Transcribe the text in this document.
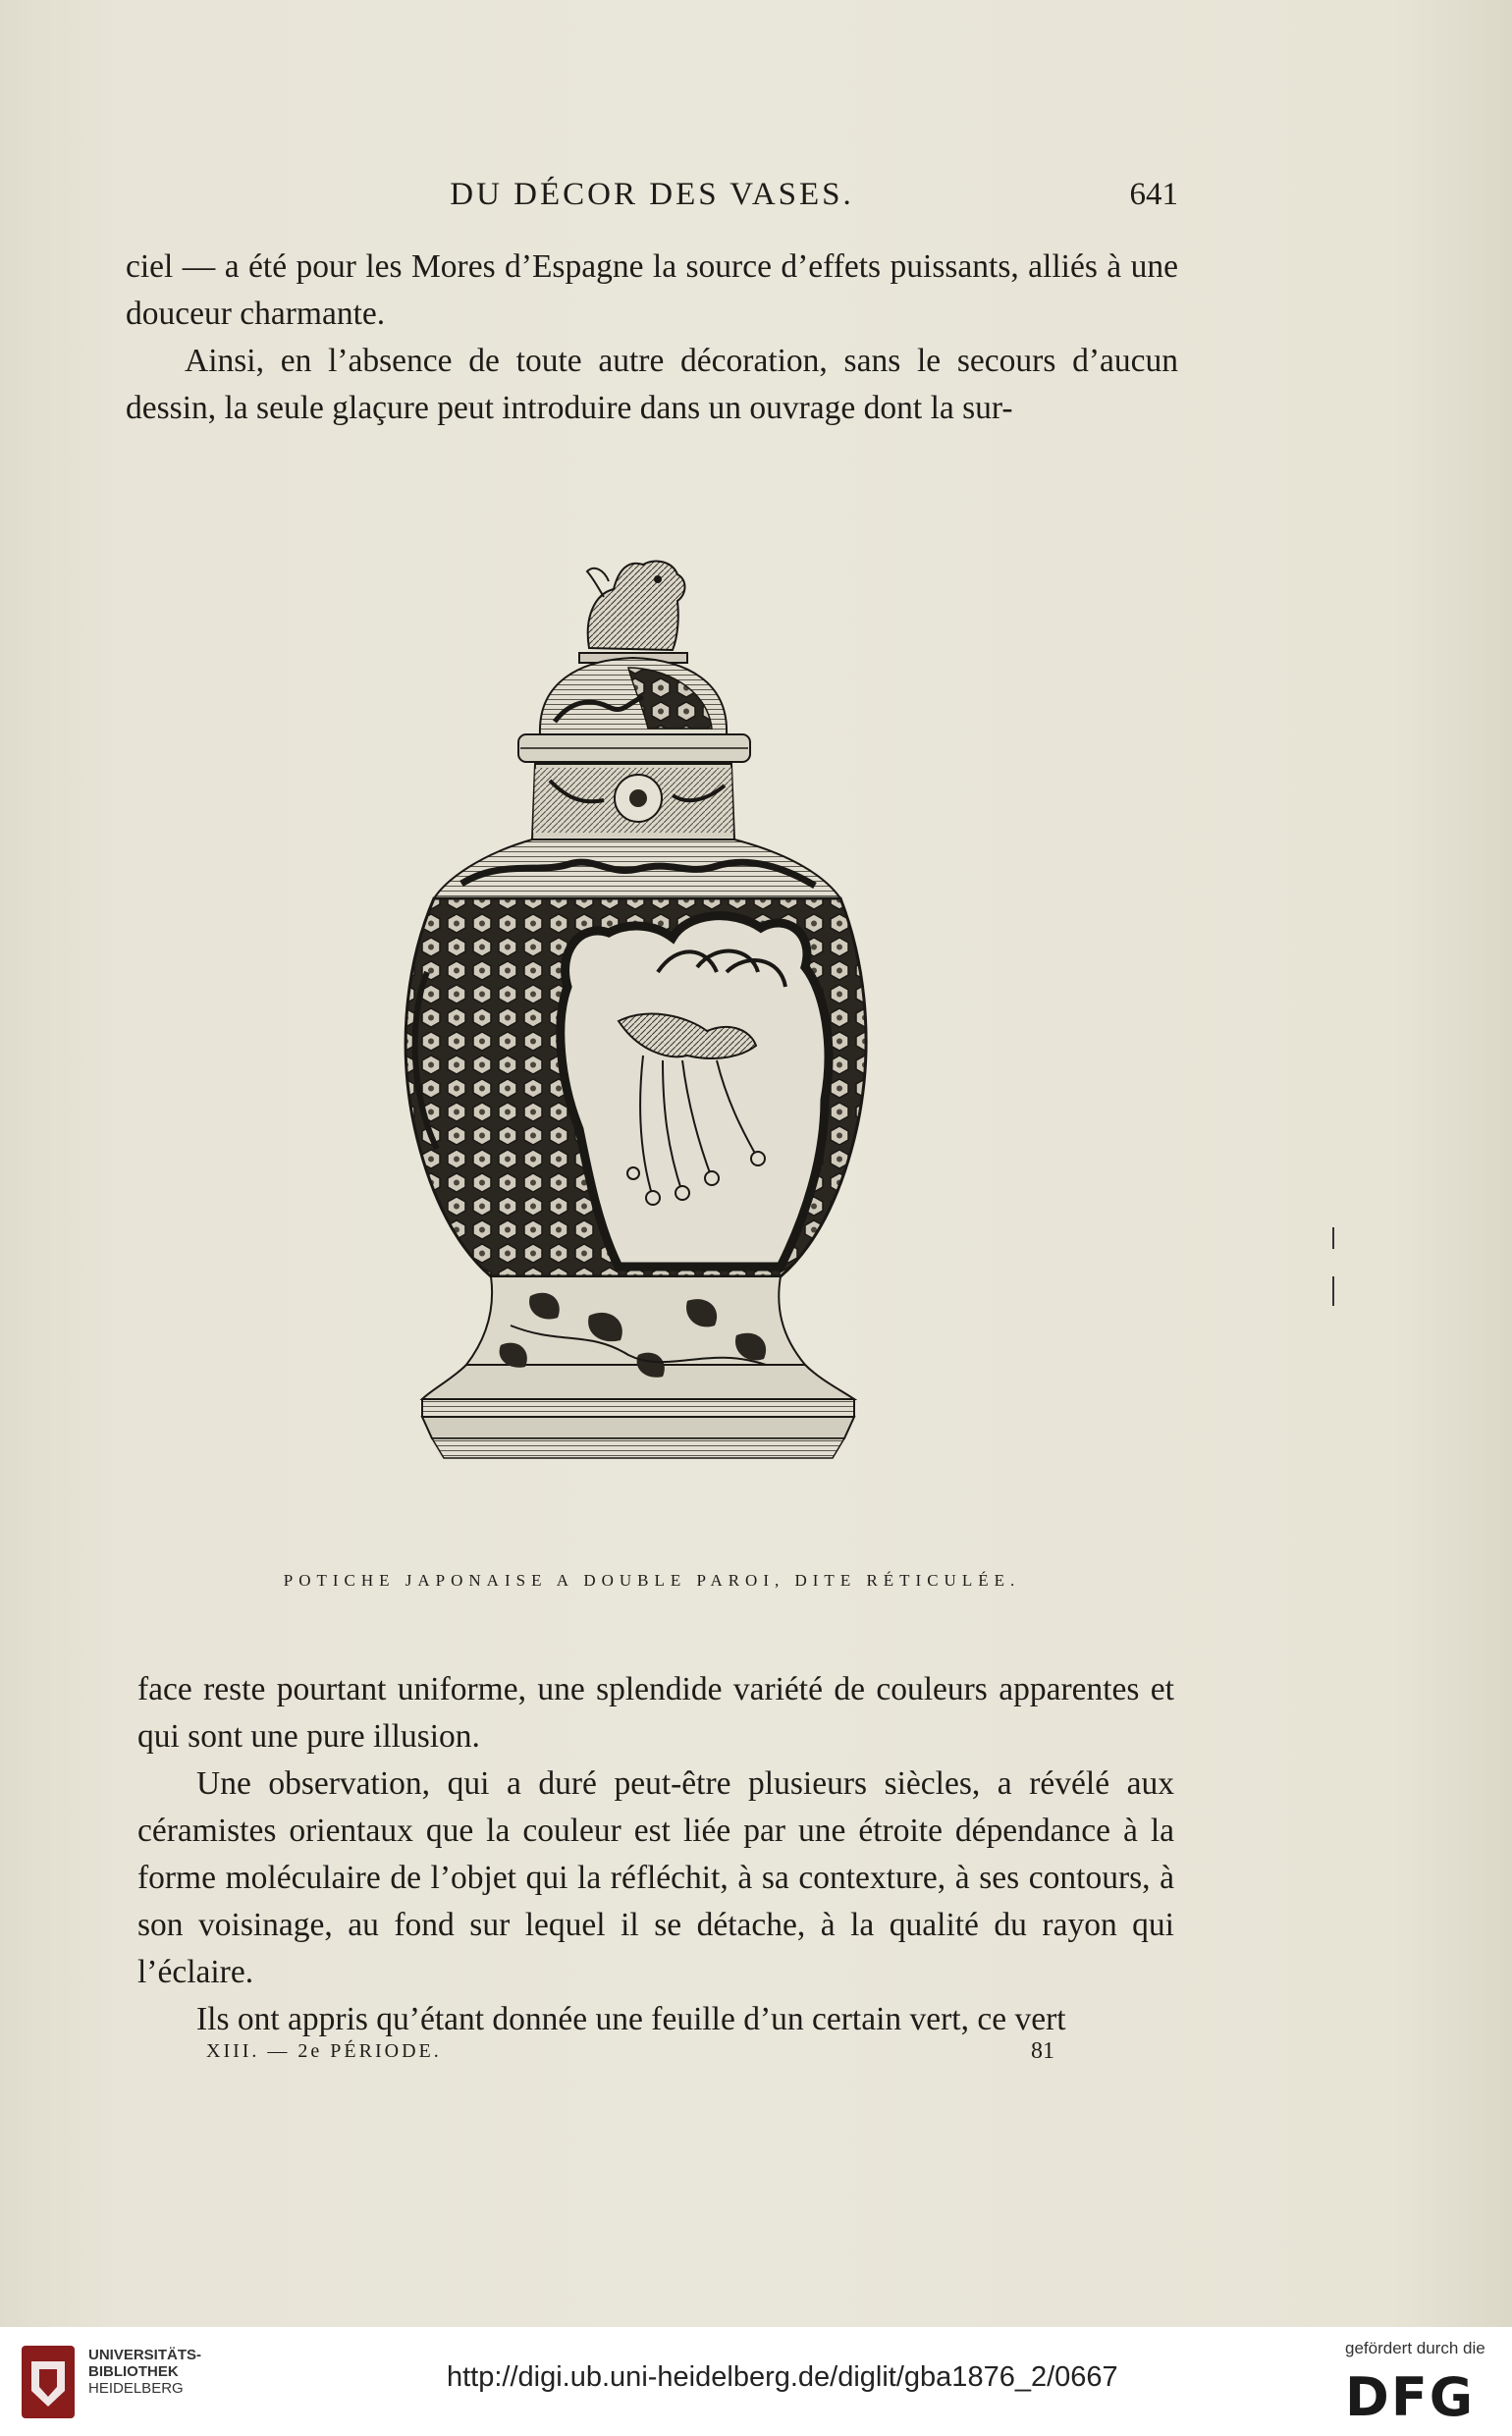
DU DÉCOR DES VASES.	641

ciel — a été pour les Mores d’Espagne la source d’effets puissants, alliés à une douceur charmante.

Ainsi, en l’absence de toute autre décoration, sans le secours d’aucun dessin, la seule glaçure peut introduire dans un ouvrage dont la sur-

POTICHE JAPONAISE A DOUBLE PAROI, DITE RÉTICULÉE.

face reste pourtant uniforme, une splendide variété de couleurs apparentes et qui sont une pure illusion.

Une observation, qui a duré peut-être plusieurs siècles, a révélé aux céramistes orientaux que la couleur est liée par une étroite dépendance à la forme moléculaire de l’objet qui la réfléchit, à sa contexture, à ses contours, à son voisinage, au fond sur lequel il se détache, à la qualité du rayon qui l’éclaire.

Ils ont appris qu’étant donnée une feuille d’un certain vert, ce vert

XIII. — 2e PÉRIODE.	81
UNIVERSITÄTS-
BIBLIOTHEK
HEIDELBERG	http://digi.ub.uni-heidelberg.de/diglit/gba1876_2/0667
gefördert durch die
DFG
